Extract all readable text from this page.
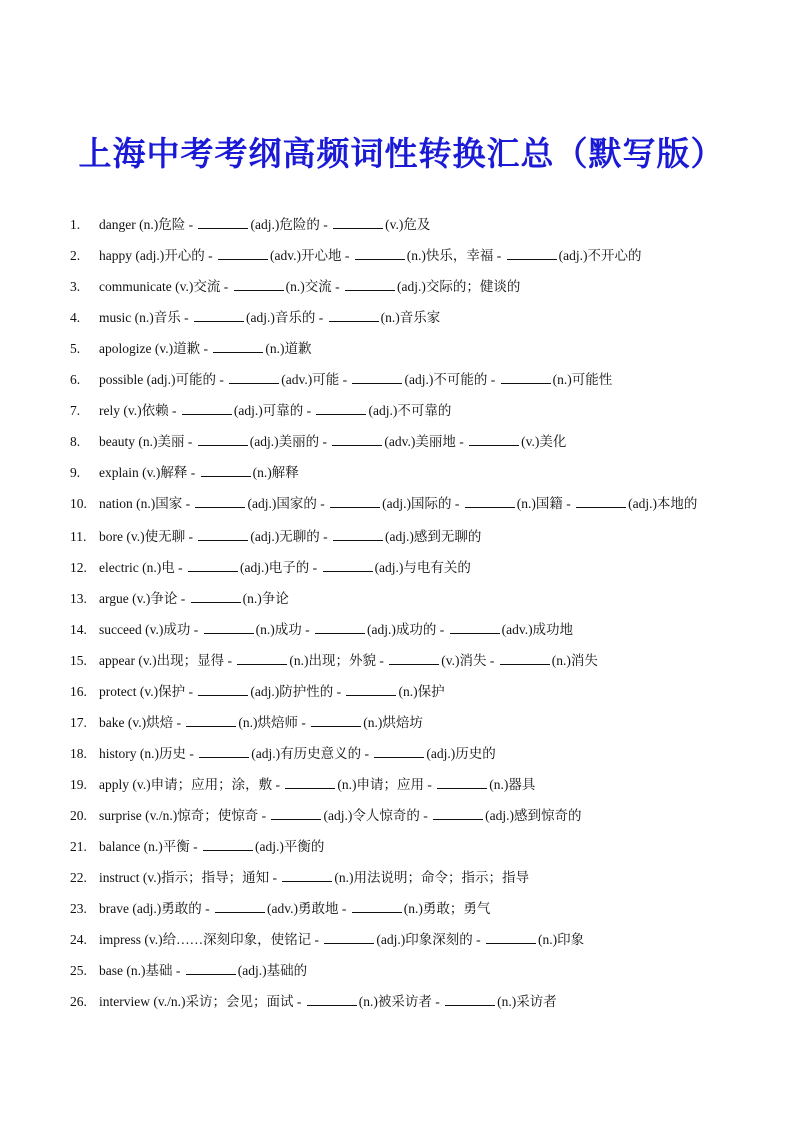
上海中考考纲高频词性转换汇总（默写版）
1.	danger (n.)危险 -	(adj.)危险的 -	(v.)危及
2.	happy (adj.)开心的 -	(adv.)开心地 -	(n.)快乐，幸福 -	(adj.)不开心的
3.	communicate (v.)交流 -	(n.)交流 -	(adj.)交际的；健谈的
4.	music (n.)音乐 -	(adj.)音乐的 -	(n.)音乐家
5.	apologize (v.)道歉 -	(n.)道歉
6.	possible (adj.)可能的 -	(adv.)可能 -	(adj.)不可能的 -	(n.)可能性
7.	rely (v.)依赖 -	(adj.)可靠的 -	(adj.)不可靠的
8.	beauty (n.)美丽 -	(adj.)美丽的 -	(adv.)美丽地 -	(v.)美化
9.	explain (v.)解释 -	(n.)解释
10. nation (n.)国家 -	(adj.)国家的 -	(adj.)国际的 -	(n.)国籍 -	(adj.)本地的
11. bore (v.)使无聊 -	(adj.)无聊的 -	(adj.)感到无聊的
12. electric (n.)电 -	(adj.)电子的 -	(adj.)与电有关的
13. argue (v.)争论 -	(n.)争论
14. succeed (v.)成功 -	(n.)成功 -	(adj.)成功的 -	(adv.)成功地
15. appear (v.)出现；显得 -	(n.)出现；外貌 -	(v.)消失 -	(n.)消失
16. protect (v.)保护 -	(adj.)防护性的 -	(n.)保护
17. bake (v.)烘焙 -	(n.)烘焙师 -	(n.)烘焙坊
18. history (n.)历史 -	(adj.)有历史意义的 -	(adj.)历史的
19. apply (v.)申请；应用；涂，敷 -	(n.)申请；应用 -	(n.)器具
20. surprise (v./n.)惊奇；使惊奇 -	(adj.)令人惊奇的 -	(adj.)感到惊奇的
21. balance (n.)平衡 -	(adj.)平衡的
22. instruct (v.)指示；指导；通知 -	(n.)用法说明；命令；指示；指导
23. brave (adj.)勇敢的 -	(adv.)勇敢地 -	(n.)勇敢；勇气
24. impress (v.)给……深刻印象，使铭记 -	(adj.)印象深刻的 -	(n.)印象
25. base (n.)基础 -	(adj.)基础的
26. interview (v./n.)采访；会见；面试 -	(n.)被采访者 -	(n.)采访者
